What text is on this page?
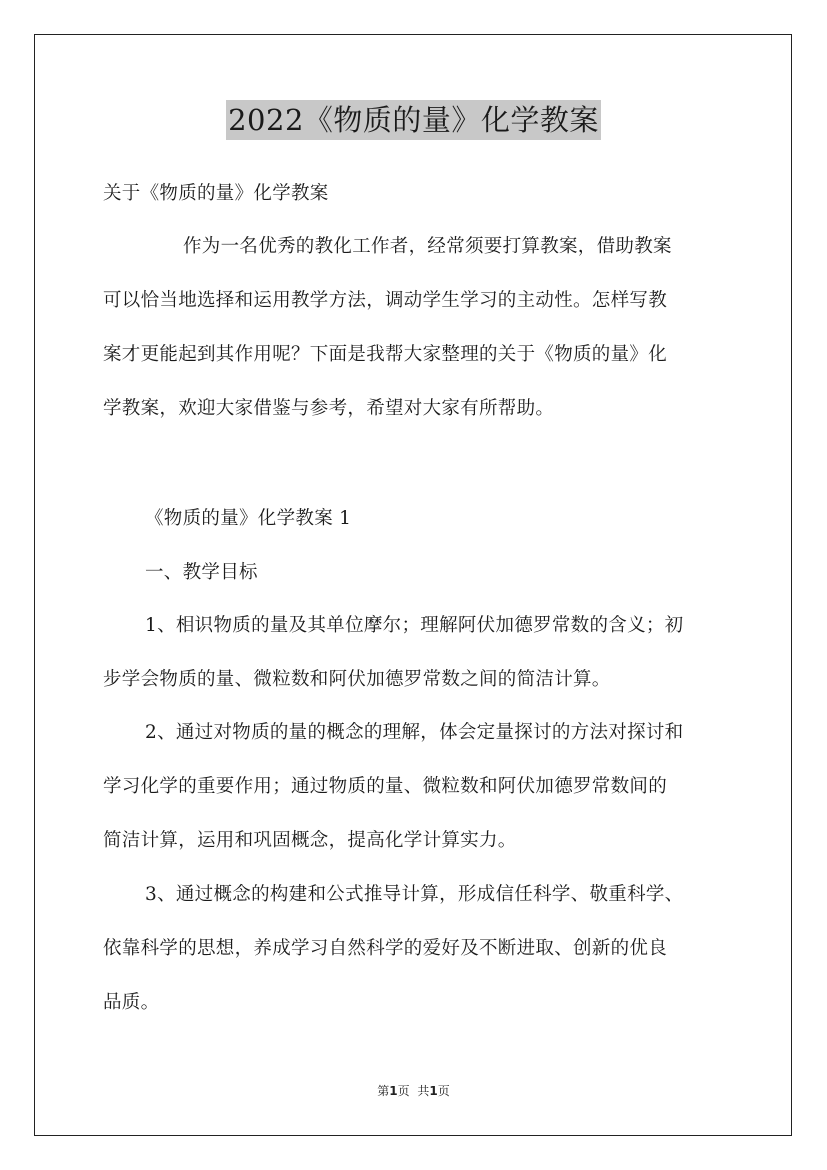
2022《物质的量》化学教案

关于《物质的量》化学教案

作为一名优秀的教化工作者，经常须要打算教案，借助教案
可以恰当地选择和运用教学方法，调动学生学习的主动性。怎样写教
案才更能起到其作用呢？下面是我帮大家整理的关于《物质的量》化
学教案，欢迎大家借鉴与参考，希望对大家有所帮助。
《物质的量》化学教案 1
一、教学目标
1、相识物质的量及其单位摩尔；理解阿伏加德罗常数的含义；初
步学会物质的量、微粒数和阿伏加德罗常数之间的简洁计算。
2、通过对物质的量的概念的理解，体会定量探讨的方法对探讨和
学习化学的重要作用；通过物质的量、微粒数和阿伏加德罗常数间的
简洁计算，运用和巩固概念，提高化学计算实力。
3、通过概念的构建和公式推导计算，形成信任科学、敬重科学、
依靠科学的思想，养成学习自然科学的爱好及不断进取、创新的优良
品质。
第1页 共1页
